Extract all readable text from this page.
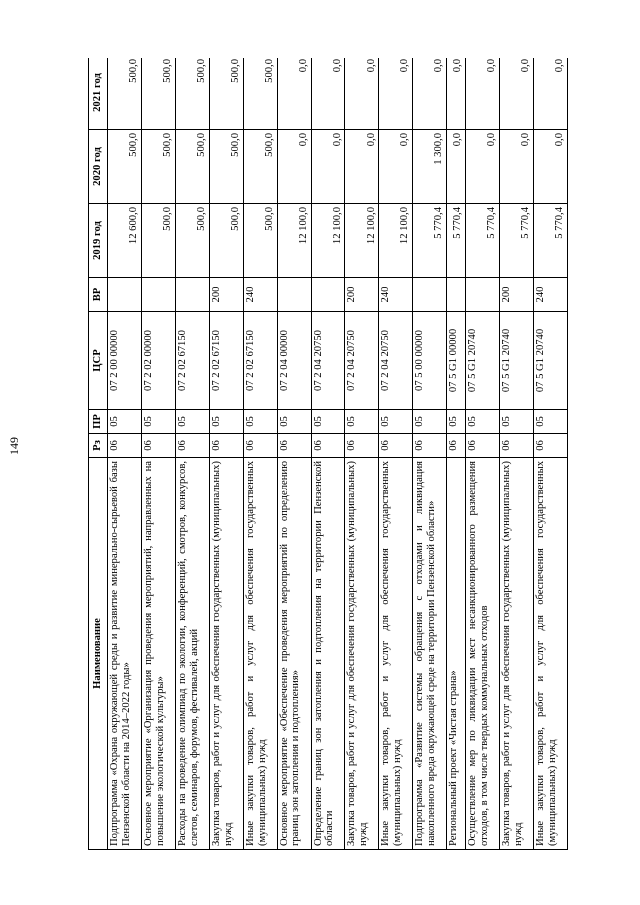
149
Наименование	Рз	ПР	ЦСР	ВР	2019 год	2020 год	2021 год
Подпрограмма «Охрана окружающей среды и развитие минерально-сырьевой базы Пензенской области на 2014–2022 годы»	06	05	07 2 00 00000		12 600,0	500,0	500,0
Основное мероприятие «Организация проведения мероприятий, направленных на повышение экологической культуры»	06	05	07 2 02 00000		500,0	500,0	500,0
Расходы на проведение олимпиад по экологии, конференций, смотров, конкурсов, слетов, семинаров, форумов, фестивалей, акций	06	05	07 2 02 67150		500,0	500,0	500,0
Закупка товаров, работ и услуг для обеспечения государственных (муниципальных) нужд	06	05	07 2 02 67150	200	500,0	500,0	500,0
Иные закупки товаров, работ и услуг для обеспечения государственных (муниципальных) нужд	06	05	07 2 02 67150	240	500,0	500,0	500,0
Основное мероприятие «Обеспечение проведения мероприятий по определению границ зон затопления и подтопления»	06	05	07 2 04 00000		12 100,0	0,0	0,0
Определение границ зон затопления и подтопления на территории Пензенской области	06	05	07 2 04 20750		12 100,0	0,0	0,0
Закупка товаров, работ и услуг для обеспечения государственных (муниципальных) нужд	06	05	07 2 04 20750	200	12 100,0	0,0	0,0
Иные закупки товаров, работ и услуг для обеспечения государственных (муниципальных) нужд	06	05	07 2 04 20750	240	12 100,0	0,0	0,0
Подпрограмма «Развитие системы обращения с отходами и ликвидация накопленного вреда окружающей среде на территории Пензенской области»	06	05	07 5 00 00000		5 770,4	1 300,0	0,0
Региональный проект «Чистая страна»	06	05	07 5 G1 00000		5 770,4	0,0	0,0
Осуществление мер по ликвидации мест несанкционированного размещения отходов, в том числе твердых коммунальных отходов	06	05	07 5 G1 20740		5 770,4	0,0	0,0
Закупка товаров, работ и услуг для обеспечения государственных (муниципальных) нужд	06	05	07 5 G1 20740	200	5 770,4	0,0	0,0
Иные закупки товаров, работ и услуг для обеспечения государственных (муниципальных) нужд	06	05	07 5 G1 20740	240	5 770,4	0,0	0,0
